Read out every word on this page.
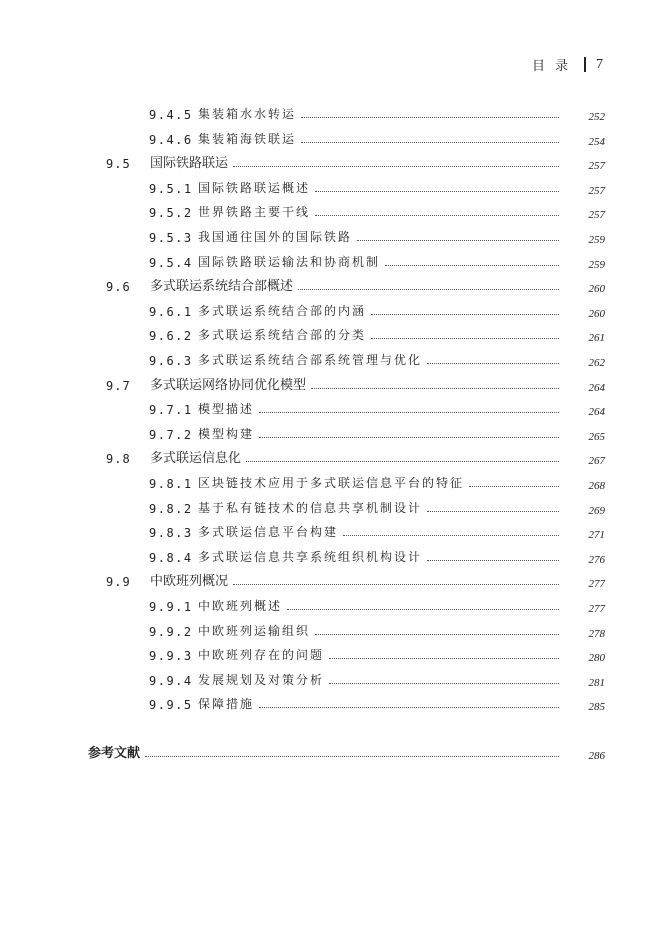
目录 7
9.4.5 集装箱水水转运	252
9.4.6 集装箱海铁联运	254
9.5 国际铁路联运	257
9.5.1 国际铁路联运概述	257
9.5.2 世界铁路主要干线	257
9.5.3 我国通往国外的国际铁路	259
9.5.4 国际铁路联运输法和协商机制	259
9.6 多式联运系统结合部概述	260
9.6.1 多式联运系统结合部的内涵	260
9.6.2 多式联运系统结合部的分类	261
9.6.3 多式联运系统结合部系统管理与优化	262
9.7 多式联运网络协同优化模型	264
9.7.1 模型描述	264
9.7.2 模型构建	265
9.8 多式联运信息化	267
9.8.1 区块链技术应用于多式联运信息平台的特征	268
9.8.2 基于私有链技术的信息共享机制设计	269
9.8.3 多式联运信息平台构建	271
9.8.4 多式联运信息共享系统组织机构设计	276
9.9 中欧班列概况	277
9.9.1 中欧班列概述	277
9.9.2 中欧班列运输组织	278
9.9.3 中欧班列存在的问题	280
9.9.4 发展规划及对策分析	281
9.9.5 保障措施	285
参考文献	286
